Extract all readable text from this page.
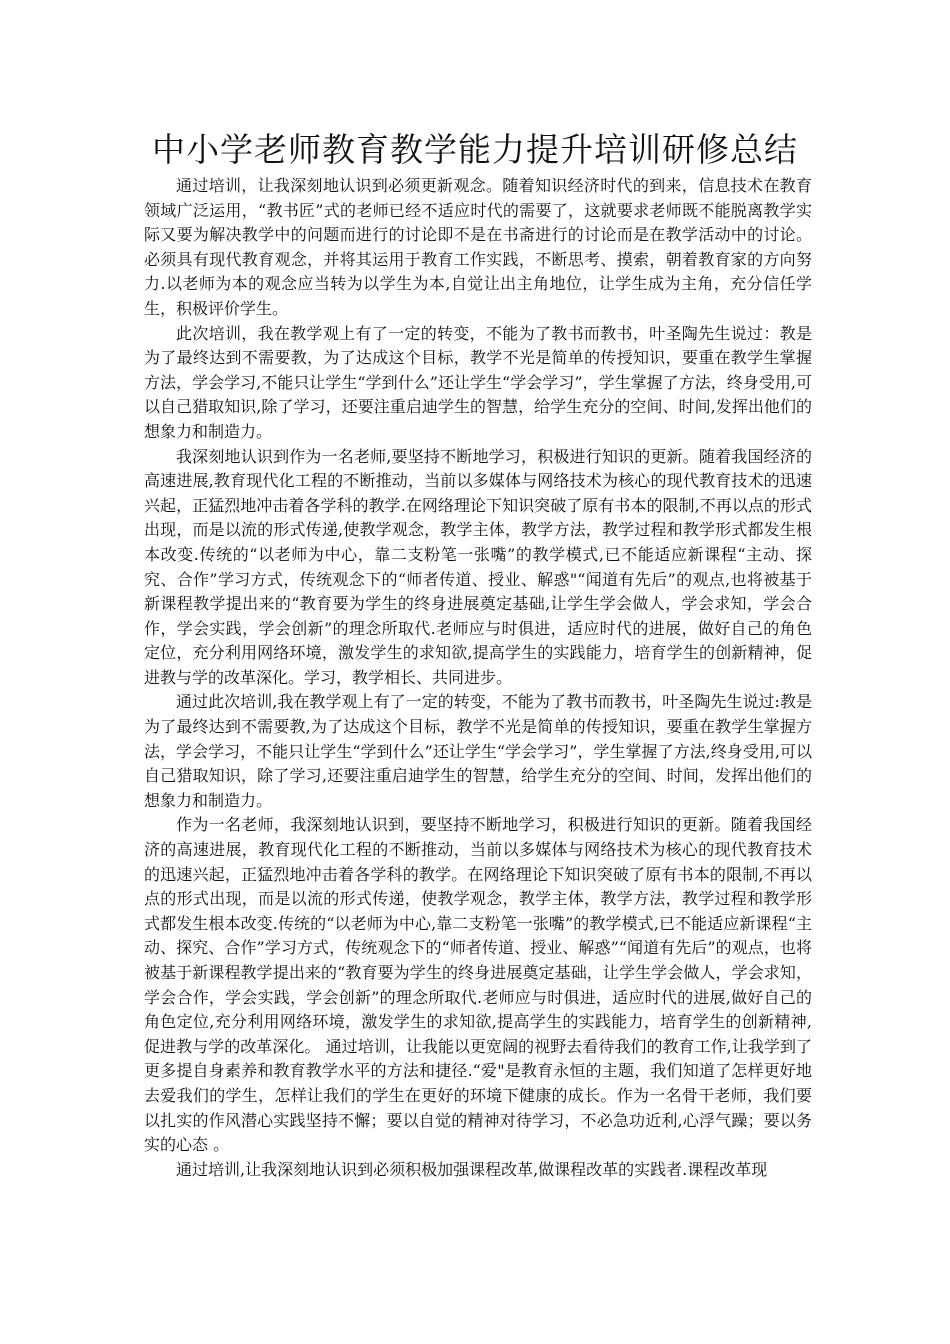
中小学老师教育教学能力提升培训研修总结

通过培训，让我深刻地认识到必须更新观念。随着知识经济时代的到来，信息技术在教育领域广泛运用，“教书匠”式的老师已经不适应时代的需要了，这就要求老师既不能脱离教学实际又要为解决教学中的问题而进行的讨论即不是在书斋进行的讨论而是在教学活动中的讨论。必须具有现代教育观念，并将其运用于教育工作实践，不断思考、摸索，朝着教育家的方向努力.以老师为本的观念应当转为以学生为本,自觉让出主角地位，让学生成为主角，充分信任学生，积极评价学生。

此次培训，我在教学观上有了一定的转变，不能为了教书而教书，叶圣陶先生说过：教是为了最终达到不需要教，为了达成这个目标，教学不光是简单的传授知识，要重在教学生掌握方法，学会学习,不能只让学生“学到什么”还让学生“学会学习”，学生掌握了方法，终身受用,可以自己猎取知识,除了学习，还要注重启迪学生的智慧，给学生充分的空间、时间,发挥出他们的想象力和制造力。

我深刻地认识到作为一名老师,要坚持不断地学习，积极进行知识的更新。随着我国经济的高速进展,教育现代化工程的不断推动，当前以多媒体与网络技术为核心的现代教育技术的迅速兴起，正猛烈地冲击着各学科的教学.在网络理论下知识突破了原有书本的限制,不再以点的形式出现，而是以流的形式传递,使教学观念，教学主体，教学方法，教学过程和教学形式都发生根本改变.传统的“以老师为中心，靠二支粉笔一张嘴”的教学模式,已不能适应新课程“主动、探究、合作”学习方式，传统观念下的“师者传道、授业、解惑"“闻道有先后”的观点,也将被基于新课程教学提出来的“教育要为学生的终身进展奠定基础,让学生学会做人，学会求知，学会合作，学会实践，学会创新”的理念所取代.老师应与时俱进，适应时代的进展，做好自己的角色定位，充分利用网络环境，激发学生的求知欲,提高学生的实践能力，培育学生的创新精神，促进教与学的改革深化。学习，教学相长、共同进步。

通过此次培训,我在教学观上有了一定的转变，不能为了教书而教书，叶圣陶先生说过:教是为了最终达到不需要教,为了达成这个目标，教学不光是简单的传授知识，要重在教学生掌握方法，学会学习，不能只让学生“学到什么”还让学生“学会学习”，学生掌握了方法,终身受用,可以自己猎取知识，除了学习,还要注重启迪学生的智慧，给学生充分的空间、时间，发挥出他们的想象力和制造力。

作为一名老师，我深刻地认识到，要坚持不断地学习，积极进行知识的更新。随着我国经济的高速进展，教育现代化工程的不断推动，当前以多媒体与网络技术为核心的现代教育技术的迅速兴起，正猛烈地冲击着各学科的教学。在网络理论下知识突破了原有书本的限制,不再以点的形式出现，而是以流的形式传递，使教学观念，教学主体，教学方法，教学过程和教学形式都发生根本改变.传统的“以老师为中心,靠二支粉笔一张嘴”的教学模式,已不能适应新课程“主动、探究、合作”学习方式，传统观念下的“师者传道、授业、解惑”“闻道有先后”的观点，也将被基于新课程教学提出来的“教育要为学生的终身进展奠定基础，让学生学会做人，学会求知，学会合作，学会实践，学会创新”的理念所取代.老师应与时俱进，适应时代的进展,做好自己的角色定位,充分利用网络环境，激发学生的求知欲,提高学生的实践能力，培育学生的创新精神,促进教与学的改革深化。 通过培训，让我能以更宽阔的视野去看待我们的教育工作,让我学到了更多提自身素养和教育教学水平的方法和捷径.“爱"是教育永恒的主题，我们知道了怎样更好地去爱我们的学生，怎样让我们的学生在更好的环境下健康的成长。作为一名骨干老师，我们要以扎实的作风潜心实践坚持不懈；要以自觉的精神对待学习，不必急功近利,心浮气躁；要以务实的心态 。

通过培训,让我深刻地认识到必须积极加强课程改革,做课程改革的实践者.课程改革现
